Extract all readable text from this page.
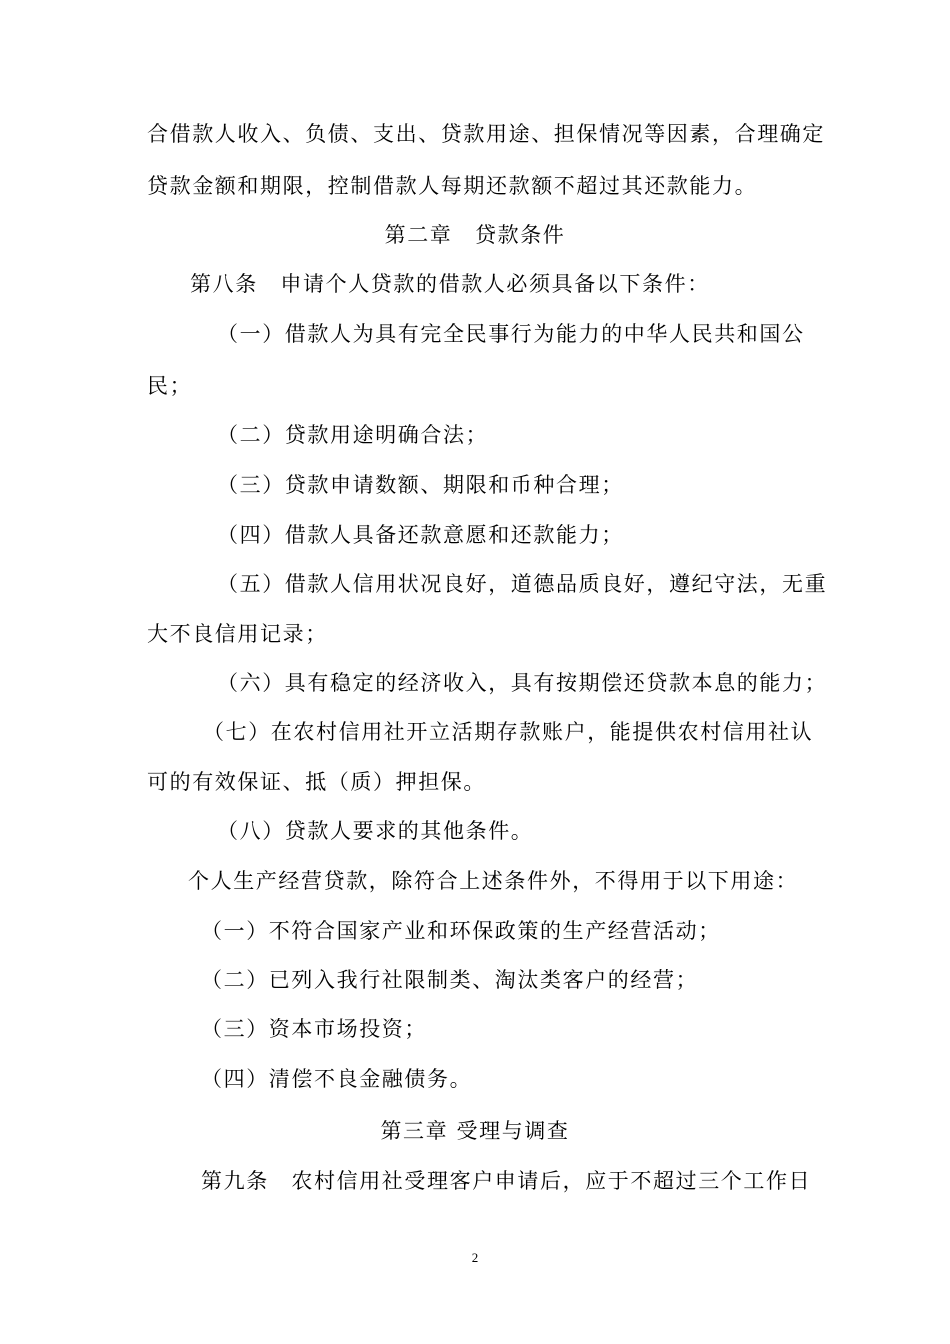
合借款人收入、负债、支出、贷款用途、担保情况等因素，合理确定
贷款金额和期限，控制借款人每期还款额不超过其还款能力。
第二章　贷款条件
第八条　申请个人贷款的借款人必须具备以下条件：
（一）借款人为具有完全民事行为能力的中华人民共和国公
民；
（二）贷款用途明确合法；
（三）贷款申请数额、期限和币种合理；
（四）借款人具备还款意愿和还款能力；
（五）借款人信用状况良好，道德品质良好，遵纪守法，无重
大不良信用记录；
（六）具有稳定的经济收入，具有按期偿还贷款本息的能力；
（七）在农村信用社开立活期存款账户，能提供农村信用社认
可的有效保证、抵（质）押担保。
（八）贷款人要求的其他条件。
个人生产经营贷款，除符合上述条件外，不得用于以下用途：
（一）不符合国家产业和环保政策的生产经营活动；
（二）已列入我行社限制类、淘汰类客户的经营；
（三）资本市场投资；
（四）清偿不良金融债务。
第三章 受理与调查
第九条　农村信用社受理客户申请后，应于不超过三个工作日
2
